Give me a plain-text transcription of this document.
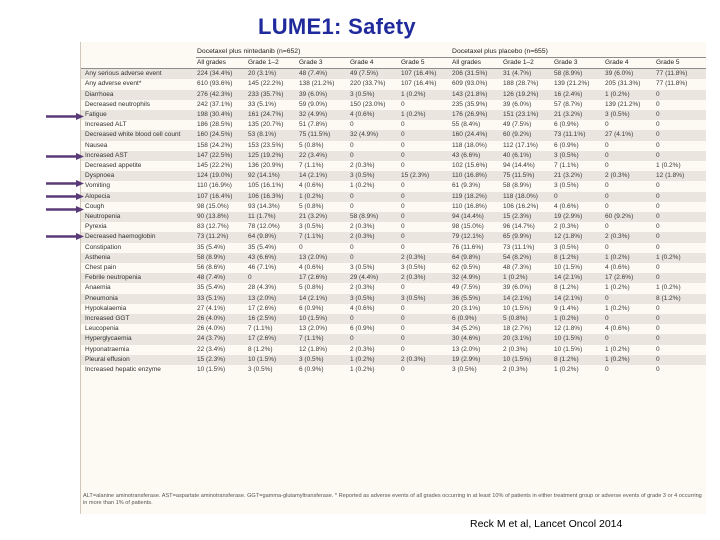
LUME1: Safety
	Docetaxel plus nintedanib (n=652)					Docetaxel plus placebo (n=655)				
	All grades	Grade 1–2	Grade 3	Grade 4	Grade 5	All grades	Grade 1–2	Grade 3	Grade 4	Grade 5
Any serious adverse event	224 (34.4%)	20 (3.1%)	48 (7.4%)	49 (7.5%)	107 (16.4%)	206 (31.5%)	31 (4.7%)	58 (8.9%)	39 (6.0%)	77 (11.8%)
Any adverse event*	610 (93.6%)	145 (22.2%)	138 (21.2%)	220 (33.7%)	107 (16.4%)	609 (93.0%)	188 (28.7%)	139 (21.2%)	205 (31.3%)	77 (11.8%)
Diarrhoea	276 (42.3%)	233 (35.7%)	39 (6.0%)	3 (0.5%)	1 (0.2%)	143 (21.8%)	126 (19.2%)	16 (2.4%)	1 (0.2%)	0
Decreased neutrophils	242 (37.1%)	33 (5.1%)	59 (9.0%)	150 (23.0%)	0	235 (35.9%)	39 (6.0%)	57 (8.7%)	139 (21.2%)	0
Fatigue	198 (30.4%)	161 (24.7%)	32 (4.9%)	4 (0.6%)	1 (0.2%)	176 (26.9%)	151 (23.1%)	21 (3.2%)	3 (0.5%)	0
Increased ALT	186 (28.5%)	135 (20.7%)	51 (7.8%)	0	0	55 (8.4%)	49 (7.5%)	6 (0.9%)	0	0
Decreased white blood cell count	160 (24.5%)	53 (8.1%)	75 (11.5%)	32 (4.9%)	0	160 (24.4%)	60 (9.2%)	73 (11.1%)	27 (4.1%)	0
Nausea	158 (24.2%)	153 (23.5%)	5 (0.8%)	0	0	118 (18.0%)	112 (17.1%)	6 (0.9%)	0	0
Increased AST	147 (22.5%)	125 (19.2%)	22 (3.4%)	0	0	43 (6.6%)	40 (6.1%)	3 (0.5%)	0	0
Decreased appetite	145 (22.2%)	136 (20.9%)	7 (1.1%)	2 (0.3%)	0	102 (15.6%)	94 (14.4%)	7 (1.1%)	0	1 (0.2%)
Dyspnoea	124 (19.0%)	92 (14.1%)	14 (2.1%)	3 (0.5%)	15 (2.3%)	110 (16.8%)	75 (11.5%)	21 (3.2%)	2 (0.3%)	12 (1.8%)
Vomiting	110 (16.9%)	105 (16.1%)	4 (0.6%)	1 (0.2%)	0	61 (9.3%)	58 (8.9%)	3 (0.5%)	0	0
Alopecia	107 (16.4%)	106 (16.3%)	1 (0.2%)	0	0	119 (18.2%)	118 (18.0%)	0	0	0
Cough	98 (15.0%)	93 (14.3%)	5 (0.8%)	0	0	110 (16.8%)	106 (16.2%)	4 (0.6%)	0	0
Neutropenia	90 (13.8%)	11 (1.7%)	21 (3.2%)	58 (8.9%)	0	94 (14.4%)	15 (2.3%)	19 (2.9%)	60 (9.2%)	0
Pyrexia	83 (12.7%)	78 (12.0%)	3 (0.5%)	2 (0.3%)	0	98 (15.0%)	96 (14.7%)	2 (0.3%)	0	0
Decreased haemoglobin	73 (11.2%)	64 (9.8%)	7 (1.1%)	2 (0.3%)	0	79 (12.1%)	65 (9.9%)	12 (1.8%)	2 (0.3%)	0
Constipation	35 (5.4%)	35 (5.4%)	0	0	0	76 (11.6%)	73 (11.1%)	3 (0.5%)	0	0
Asthenia	58 (8.9%)	43 (6.6%)	13 (2.0%)	0	2 (0.3%)	64 (9.8%)	54 (8.2%)	8 (1.2%)	1 (0.2%)	1 (0.2%)
Chest pain	56 (8.6%)	46 (7.1%)	4 (0.6%)	3 (0.5%)	3 (0.5%)	62 (9.5%)	48 (7.3%)	10 (1.5%)	4 (0.6%)	0
Febrile neutropenia	48 (7.4%)	0	17 (2.6%)	29 (4.4%)	2 (0.3%)	32 (4.9%)	1 (0.2%)	14 (2.1%)	17 (2.6%)	0
Anaemia	35 (5.4%)	28 (4.3%)	5 (0.8%)	2 (0.3%)	0	49 (7.5%)	39 (6.0%)	8 (1.2%)	1 (0.2%)	1 (0.2%)
Pneumonia	33 (5.1%)	13 (2.0%)	14 (2.1%)	3 (0.5%)	3 (0.5%)	36 (5.5%)	14 (2.1%)	14 (2.1%)	0	8 (1.2%)
Hypokalaemia	27 (4.1%)	17 (2.6%)	6 (0.9%)	4 (0.6%)	0	20 (3.1%)	10 (1.5%)	9 (1.4%)	1 (0.2%)	0
Increased GGT	26 (4.0%)	16 (2.5%)	10 (1.5%)	0	0	6 (0.9%)	5 (0.8%)	1 (0.2%)	0	0
Leucopenia	26 (4.0%)	7 (1.1%)	13 (2.0%)	6 (0.9%)	0	34 (5.2%)	18 (2.7%)	12 (1.8%)	4 (0.6%)	0
Hyperglycaemia	24 (3.7%)	17 (2.6%)	7 (1.1%)	0	0	30 (4.6%)	20 (3.1%)	10 (1.5%)	0	0
Hyponatraemia	22 (3.4%)	8 (1.2%)	12 (1.8%)	2 (0.3%)	0	13 (2.0%)	2 (0.3%)	10 (1.5%)	1 (0.2%)	0
Pleural effusion	15 (2.3%)	10 (1.5%)	3 (0.5%)	1 (0.2%)	2 (0.3%)	19 (2.9%)	10 (1.5%)	8 (1.2%)	1 (0.2%)	0
Increased hepatic enzyme	10 (1.5%)	3 (0.5%)	6 (0.9%)	1 (0.2%)	0	3 (0.5%)	2 (0.3%)	1 (0.2%)	0	0
ALT=alanine aminotransferase. AST=aspartate aminotransferase. GGT=gamma-glutamyltransferase. * Reported as adverse events of all grades occurring in at least 10% of patients in either treatment group or adverse events of grade 3 or 4 occurring in more than 1% of patients.
Reck M et al, Lancet Oncol 2014
